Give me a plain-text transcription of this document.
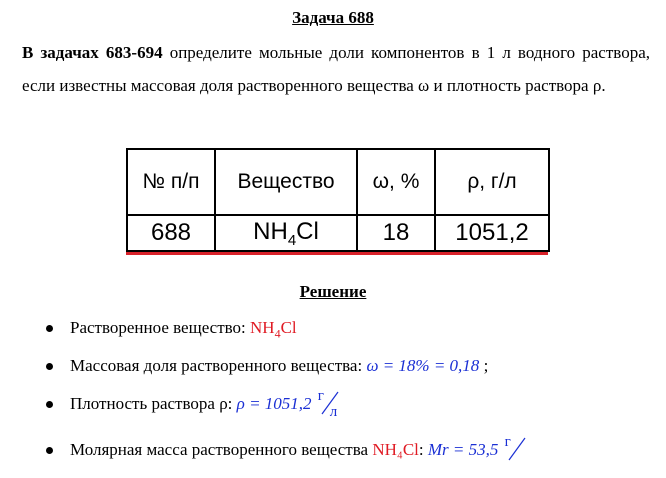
Задача 688
В задачах 683-694 определите мольные доли компонентов в 1 л водного раствора, если известны массовая доля растворенного вещества ω и плотность раствора ρ.
№ п/п	Вещество	ω, %	ρ, г/л
688	$NH_4Cl$	18	1051,2
Решение
Растворенное вещество: $NH_4Cl$
Массовая доля растворенного вещества: ω = 18% = 0,18 ;
Плотность раствора ρ: ρ = 1051,2 г
л
Молярная масса растворенного вещества NH₄Cl: Mr = 53,5 г
